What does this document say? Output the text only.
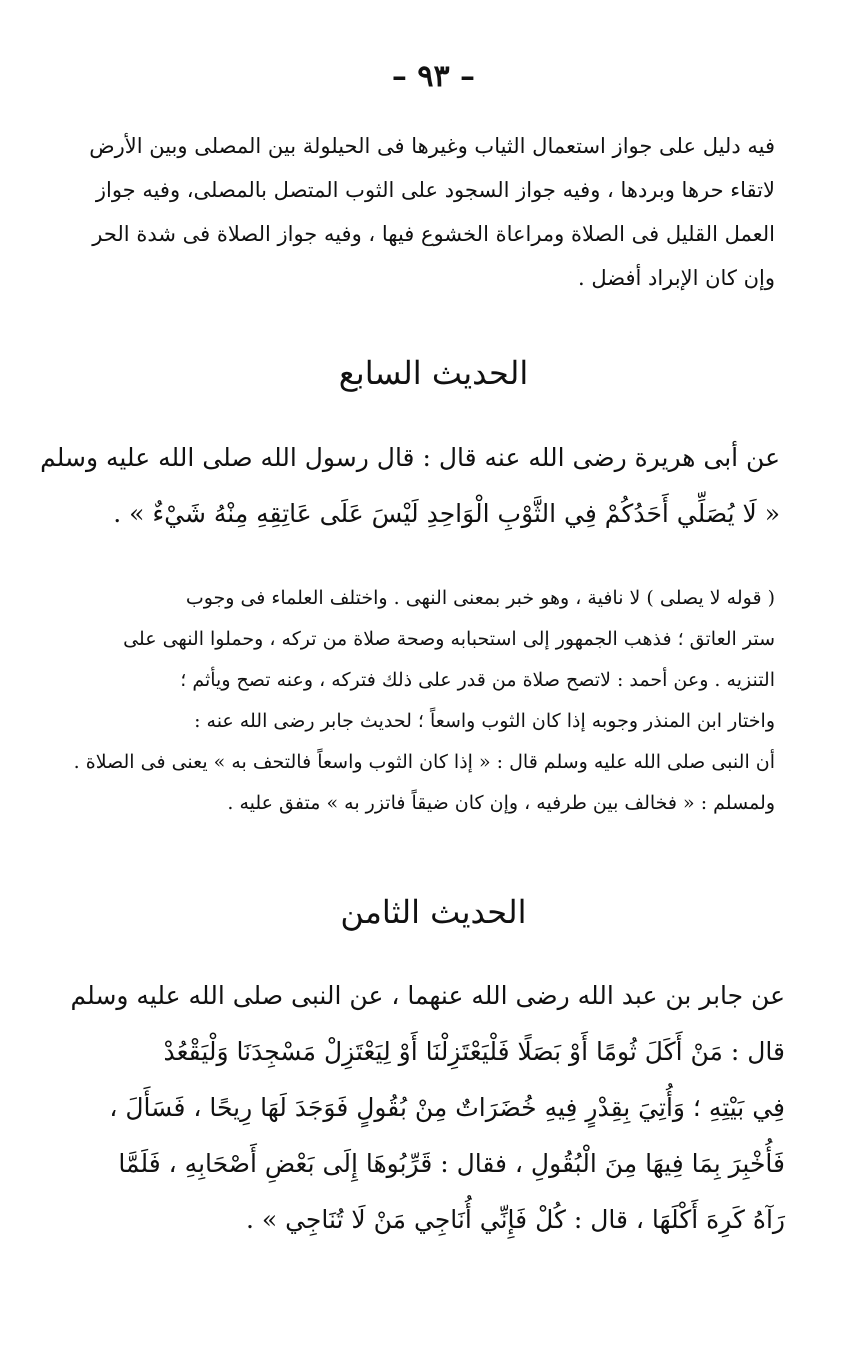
– ٩٣ –
فيه دليل على جواز استعمال الثياب وغيرها فى الحيلولة بين المصلى وبين الأرض
لاتقاء حرها وبردها ، وفيه جواز السجود على الثوب المتصل بالمصلى، وفيه جواز
العمل القليل فى الصلاة ومراعاة الخشوع فيها ، وفيه جواز الصلاة فى شدة الحر
وإن كان الإبراد أفضل .
الحديث السابع
عن أبى هريرة رضى الله عنه قال : قال رسول الله صلى الله عليه وسلم
« لَا يُصَلِّي أَحَدُكُمْ فِي الثَّوْبِ الْوَاحِدِ لَيْسَ عَلَى عَاتِقِهِ مِنْهُ شَيْءٌ » .
( قوله لا يصلى ) لا نافية ، وهو خبر بمعنى النهى . واختلف العلماء فى وجوب
ستر العاتق ؛ فذهب الجمهور إلى استحبابه وصحة صلاة من تركه ، وحملوا النهى على
التنزيه . وعن أحمد : لاتصح صلاة من قدر على ذلك فتركه ، وعنه تصح ويأثم ؛
واختار ابن المنذر وجوبه إذا كان الثوب واسعاً ؛ لحديث جابر رضى الله عنه :
أن النبى صلى الله عليه وسلم قال : « إذا كان الثوب واسعاً فالتحف به » يعنى فى الصلاة .
ولمسلم : « فخالف بين طرفيه ، وإن كان ضيقاً فاتزر به » متفق عليه .
الحديث الثامن
عن جابر بن عبد الله رضى الله عنهما ، عن النبى صلى الله عليه وسلم
قال : مَنْ أَكَلَ ثُومًا أَوْ بَصَلًا فَلْيَعْتَزِلْنَا أَوْ لِيَعْتَزِلْ مَسْجِدَنَا وَلْيَقْعُدْ
فِي بَيْتِهِ ؛ وَأُتِيَ بِقِدْرٍ فِيهِ خُضَرَاتٌ مِنْ بُقُولٍ فَوَجَدَ لَهَا رِيحًا ، فَسَأَلَ ،
فَأُخْبِرَ بِمَا فِيهَا مِنَ الْبُقُولِ ، فقال : قَرِّبُوهَا إِلَى بَعْضِ أَصْحَابِهِ ، فَلَمَّا
رَآهُ كَرِهَ أَكْلَهَا ، قال : كُلْ فَإِنِّي أُنَاجِي مَنْ لَا تُنَاجِي » .
